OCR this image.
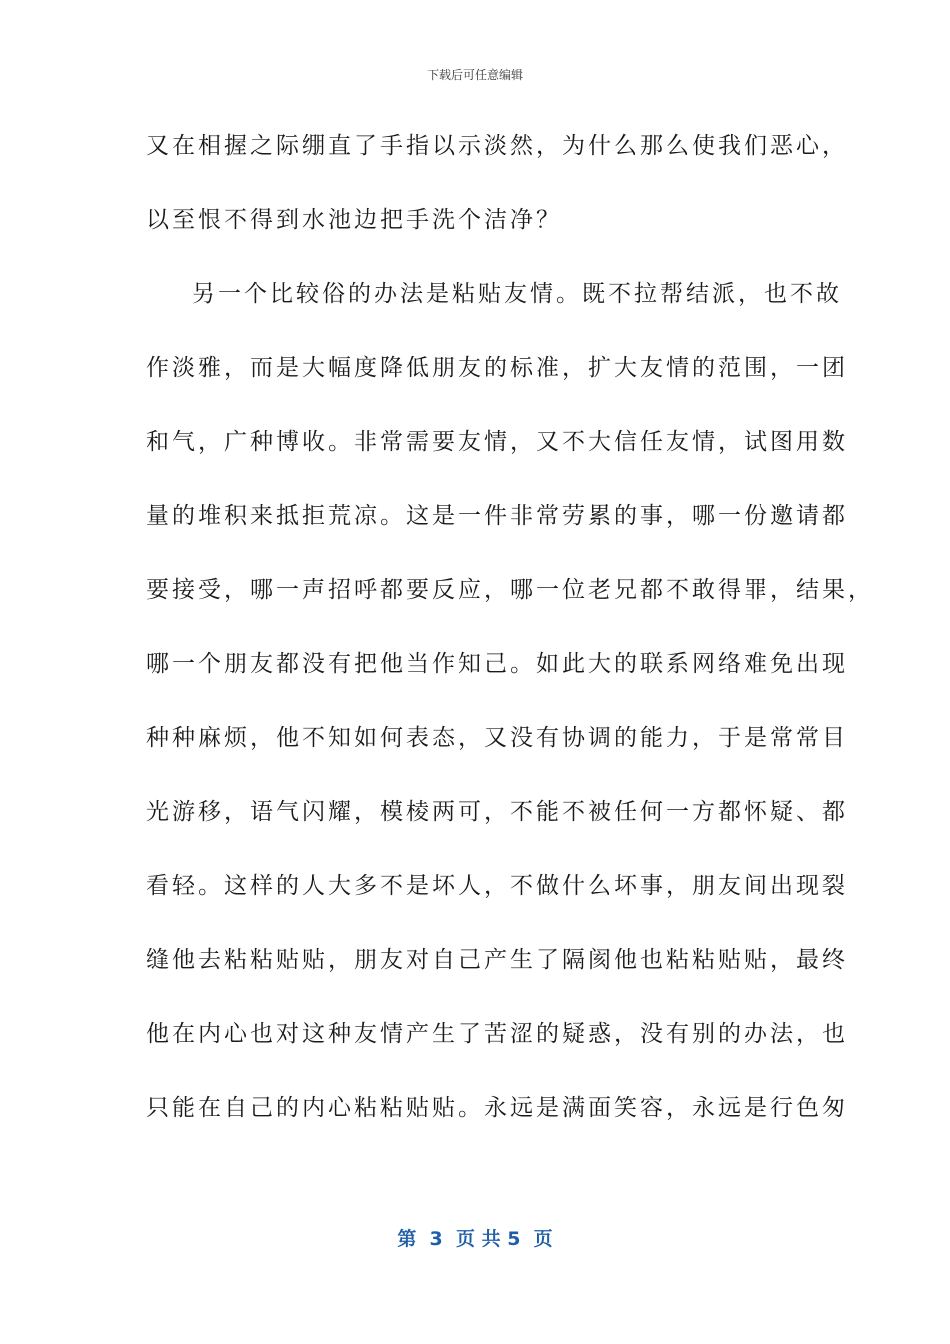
下载后可任意编辑
又在相握之际绷直了手指以示淡然，为什么那么使我们恶心，
以至恨不得到水池边把手洗个洁净？
另一个比较俗的办法是粘贴友情。既不拉帮结派，也不故
作淡雅，而是大幅度降低朋友的标准，扩大友情的范围，一团
和气，广种博收。非常需要友情，又不大信任友情，试图用数
量的堆积来抵拒荒凉。这是一件非常劳累的事，哪一份邀请都
要接受，哪一声招呼都要反应，哪一位老兄都不敢得罪，结果，
哪一个朋友都没有把他当作知己。如此大的联系网络难免出现
种种麻烦，他不知如何表态，又没有协调的能力，于是常常目
光游移，语气闪耀，模棱两可，不能不被任何一方都怀疑、都
看轻。这样的人大多不是坏人，不做什么坏事，朋友间出现裂
缝他去粘粘贴贴，朋友对自己产生了隔阂他也粘粘贴贴，最终
他在内心也对这种友情产生了苦涩的疑惑，没有别的办法，也
只能在自己的内心粘粘贴贴。永远是满面笑容，永远是行色匆
第  3  页 共 5  页
